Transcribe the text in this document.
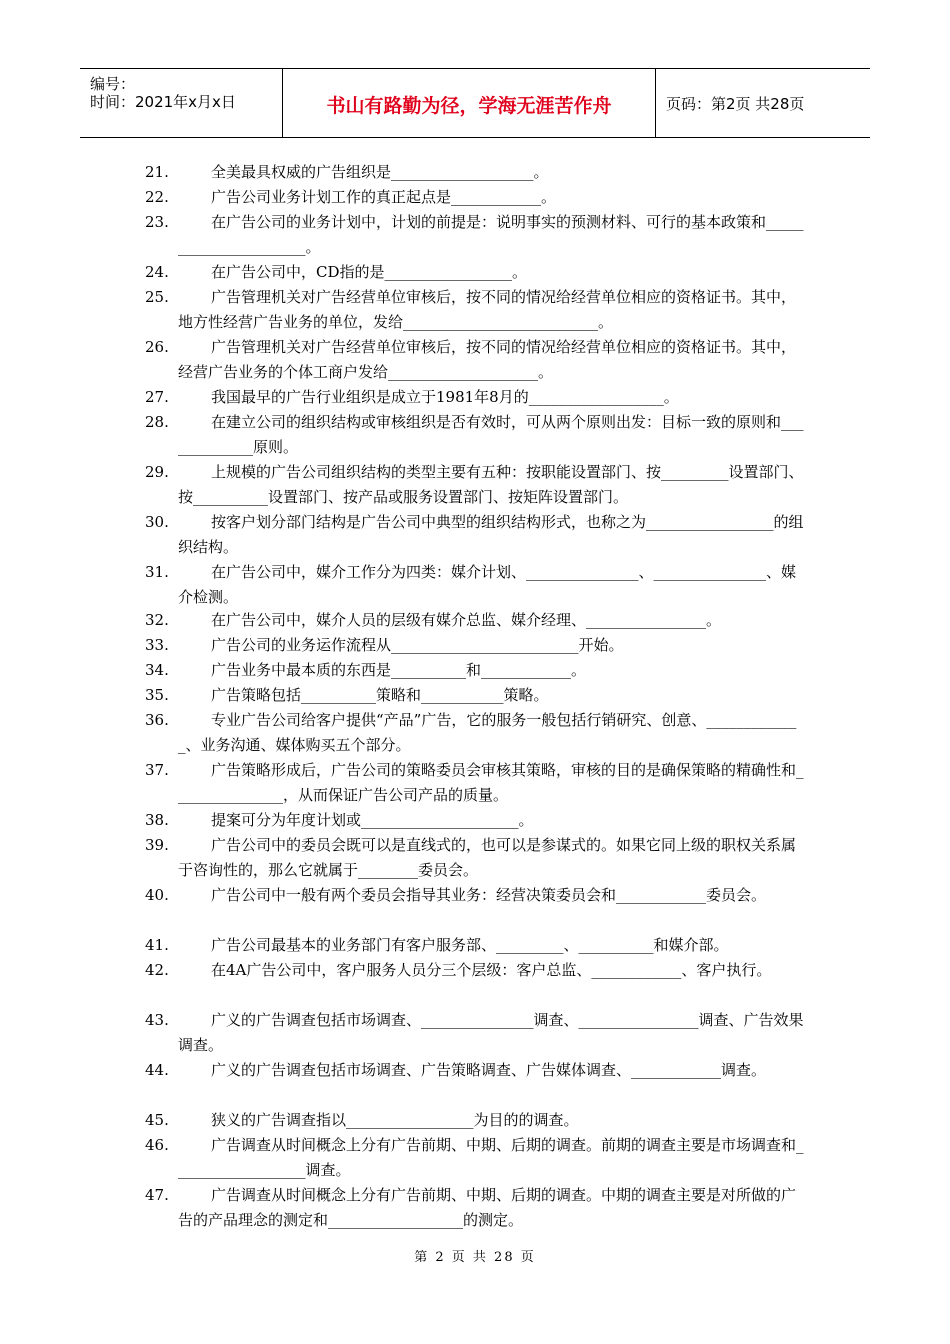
编号：
时间：2021年x月x日	书山有路勤为径，学海无涯苦作舟	页码：第2页 共28页
21.	全美最具权威的广告组织是___________________。
22.	广告公司业务计划工作的真正起点是____________。
23.	在广告公司的业务计划中，计划的前提是：说明事实的预测材料、可行的基本政策和______________________。
24.	在广告公司中，CD指的是_________________。
25.	广告管理机关对广告经营单位审核后，按不同的情况给经营单位相应的资格证书。其中，地方性经营广告业务的单位，发给__________________________。
26.	广告管理机关对广告经营单位审核后，按不同的情况给经营单位相应的资格证书。其中，经营广告业务的个体工商户发给____________________。
27.	我国最早的广告行业组织是成立于1981年8月的__________________。
28.	在建立公司的组织结构或审核组织是否有效时，可从两个原则出发：目标一致的原则和_____________原则。
29.	上规模的广告公司组织结构的类型主要有五种：按职能设置部门、按_________设置部门、按__________设置部门、按产品或服务设置部门、按矩阵设置部门。
30.	按客户划分部门结构是广告公司中典型的组织结构形式，也称之为_________________的组织结构。
31.	在广告公司中，媒介工作分为四类：媒介计划、_______________、_______________、媒介检测。
32.	在广告公司中，媒介人员的层级有媒介总监、媒介经理、________________。
33.	广告公司的业务运作流程从_________________________开始。
34.	广告业务中最本质的东西是__________和____________。
35.	广告策略包括__________策略和___________策略。
36.	专业广告公司给客户提供“产品”广告，它的服务一般包括行销研究、创意、_____________、业务沟通、媒体购买五个部分。
37.	广告策略形成后，广告公司的策略委员会审核其策略，审核的目的是确保策略的精确性和_______________，从而保证广告公司产品的质量。
38.	提案可分为年度计划或_____________________。
39.	广告公司中的委员会既可以是直线式的，也可以是参谋式的。如果它同上级的职权关系属于咨询性的，那么它就属于________委员会。
40.	广告公司中一般有两个委员会指导其业务：经营决策委员会和____________委员会。
41.	广告公司最基本的业务部门有客户服务部、_________、__________和媒介部。
42.	在4A广告公司中，客户服务人员分三个层级：客户总监、____________、客户执行。
43.	广义的广告调查包括市场调查、_______________调查、________________调查、广告效果调查。
44.	广义的广告调查包括市场调查、广告策略调查、广告媒体调查、____________调查。
45.	狭义的广告调查指以_________________为目的的调查。
46.	广告调查从时间概念上分有广告前期、中期、后期的调查。前期的调查主要是市场调查和__________________调查。
47.	广告调查从时间概念上分有广告前期、中期、后期的调查。中期的调查主要是对所做的广告的产品理念的测定和__________________的测定。
第 2 页 共 28 页
